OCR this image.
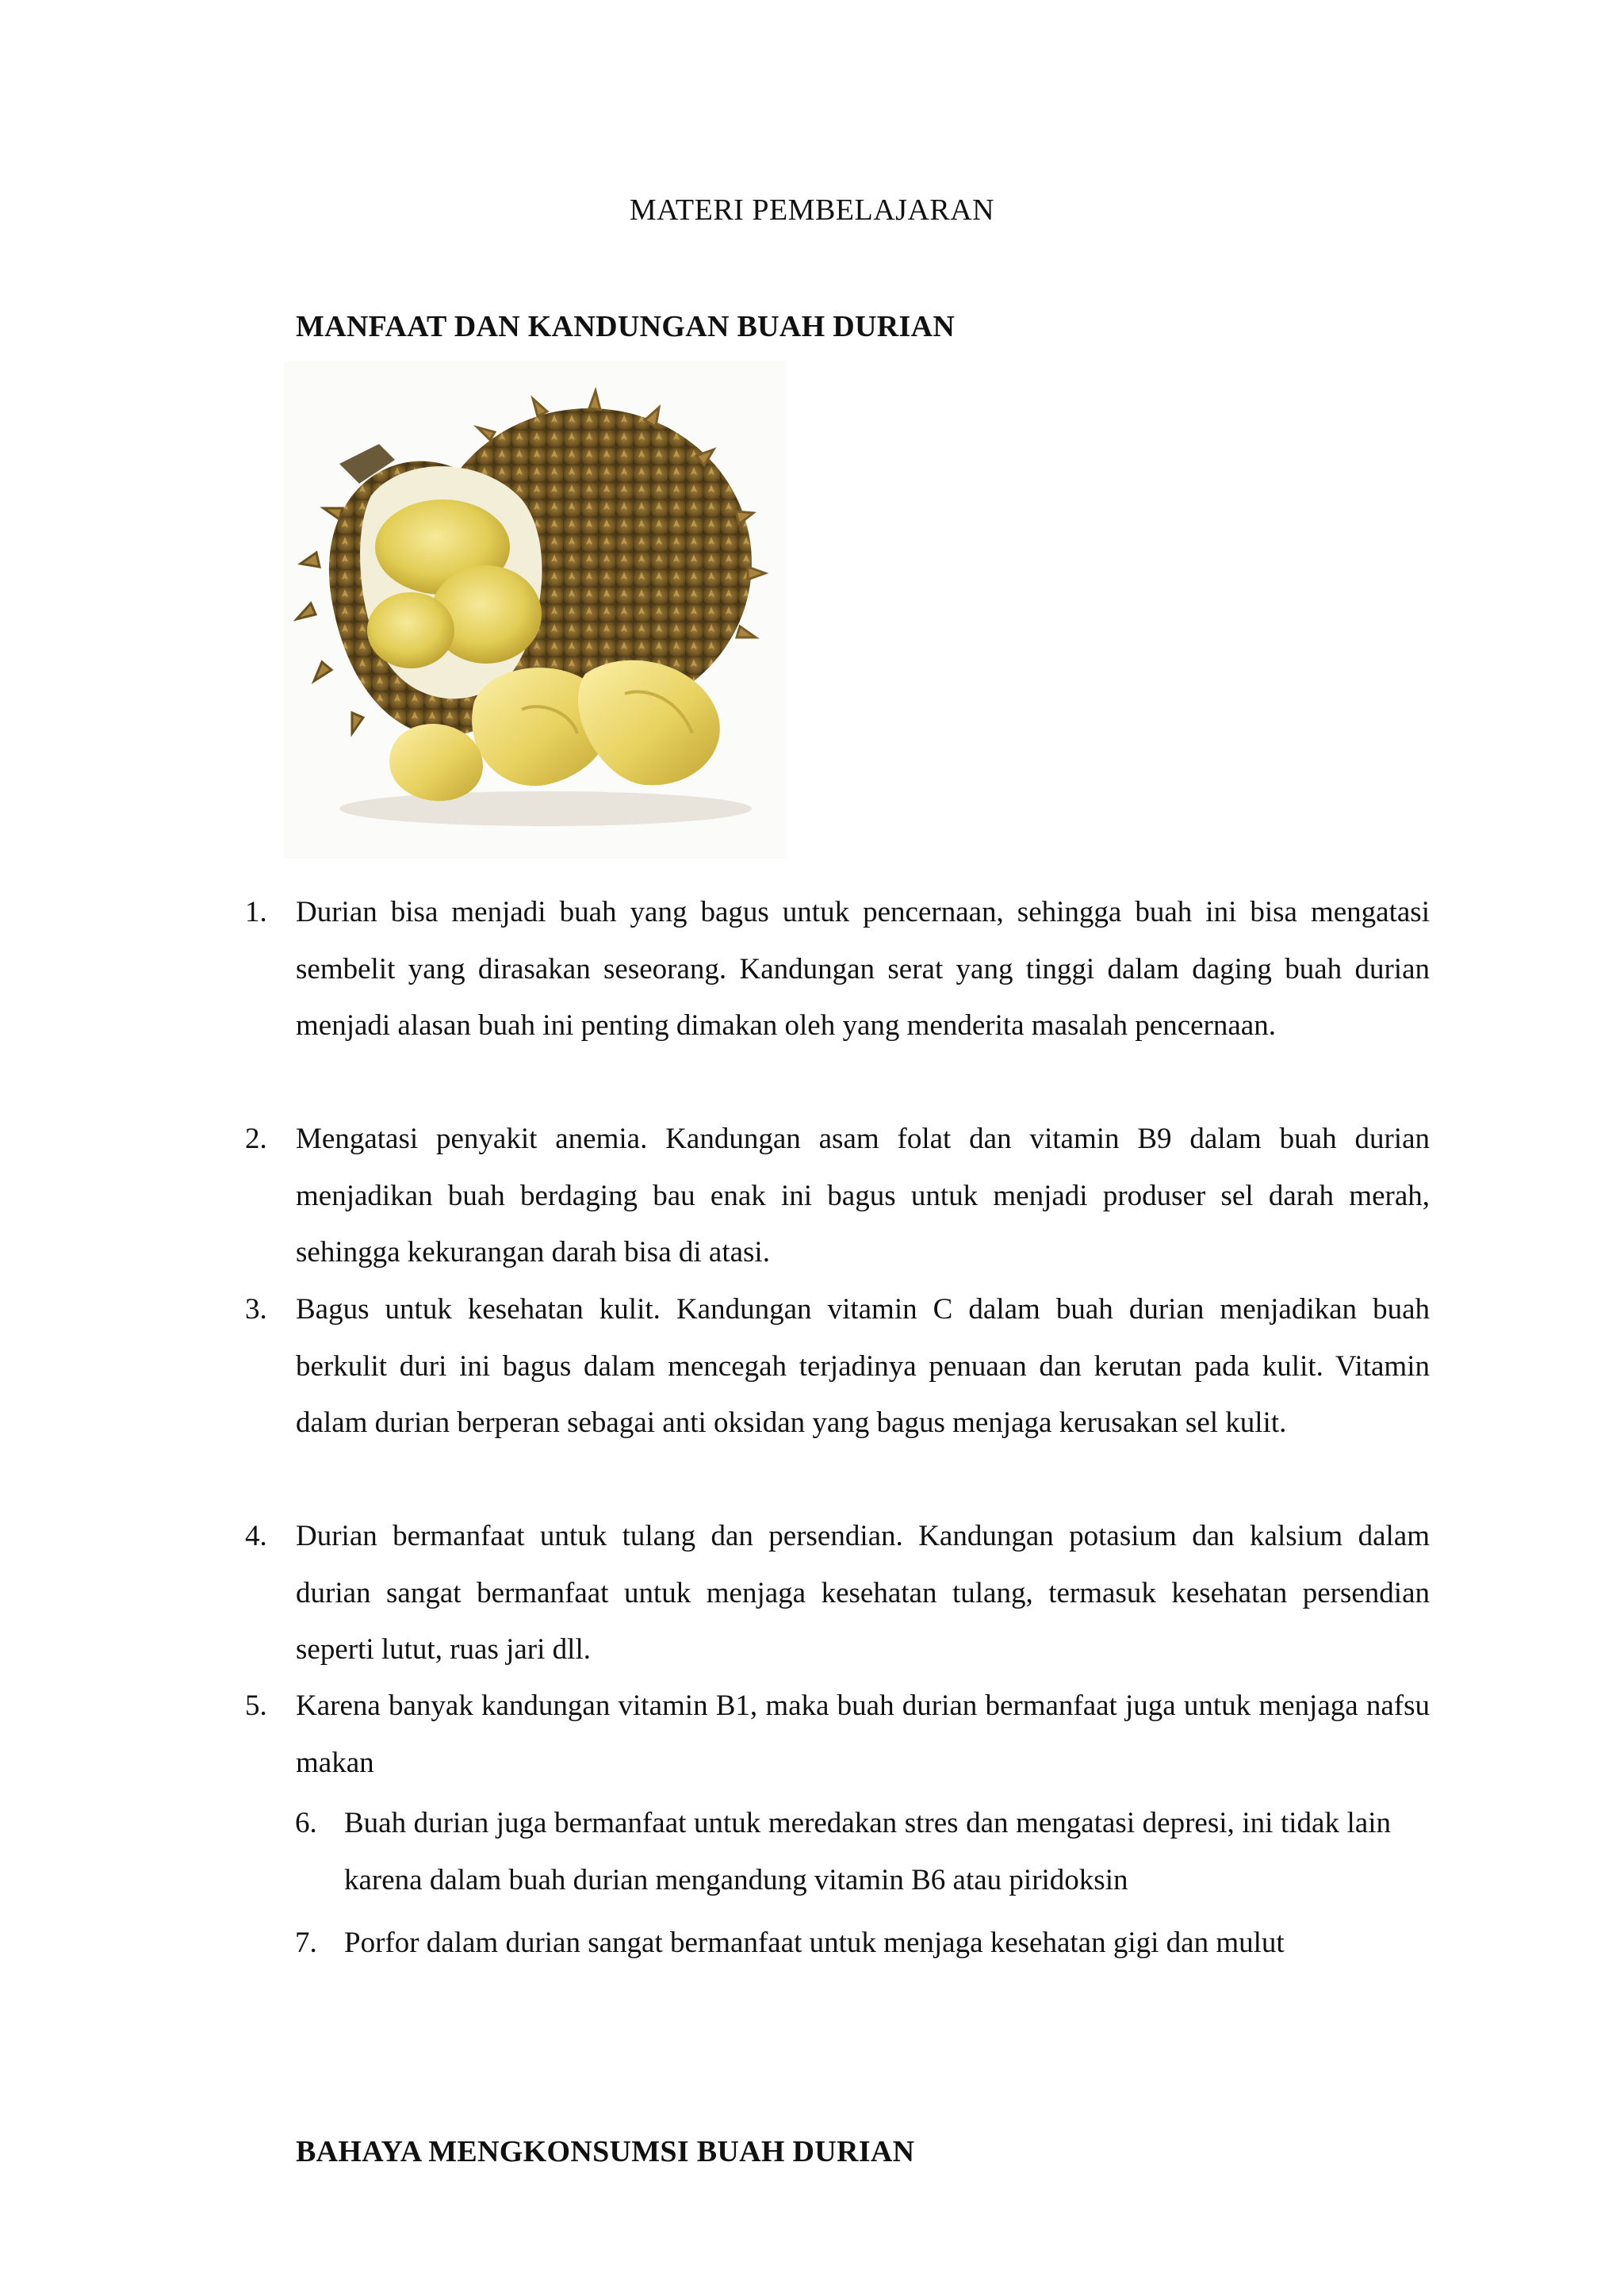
MATERI PEMBELAJARAN
MANFAAT DAN KANDUNGAN BUAH DURIAN
1. Durian bisa menjadi buah yang bagus untuk pencernaan, sehingga buah ini bisa mengatasi sembelit yang dirasakan seseorang. Kandungan serat yang tinggi dalam daging buah durian menjadi alasan buah ini penting dimakan oleh yang menderita masalah pencernaan.
2. Mengatasi penyakit anemia. Kandungan asam folat dan vitamin B9 dalam buah durian menjadikan buah berdaging bau enak ini bagus untuk menjadi produser sel darah merah, sehingga kekurangan darah bisa di atasi.
3. Bagus untuk kesehatan kulit. Kandungan vitamin C dalam buah durian menjadikan buah berkulit duri ini bagus dalam mencegah terjadinya penuaan dan kerutan pada kulit. Vitamin dalam durian berperan sebagai anti oksidan yang bagus menjaga kerusakan sel kulit.
4. Durian bermanfaat untuk tulang dan persendian. Kandungan potasium dan kalsium dalam durian sangat bermanfaat untuk menjaga kesehatan tulang, termasuk kesehatan persendian seperti lutut, ruas jari dll.
5. Karena banyak kandungan vitamin B1, maka buah durian bermanfaat juga untuk menjaga nafsu makan
6. Buah durian juga bermanfaat untuk meredakan stres dan mengatasi depresi, ini tidak lain karena dalam buah durian mengandung vitamin B6 atau piridoksin
7. Porfor dalam durian sangat bermanfaat untuk menjaga kesehatan gigi dan mulut
BAHAYA MENGKONSUMSI BUAH DURIAN
